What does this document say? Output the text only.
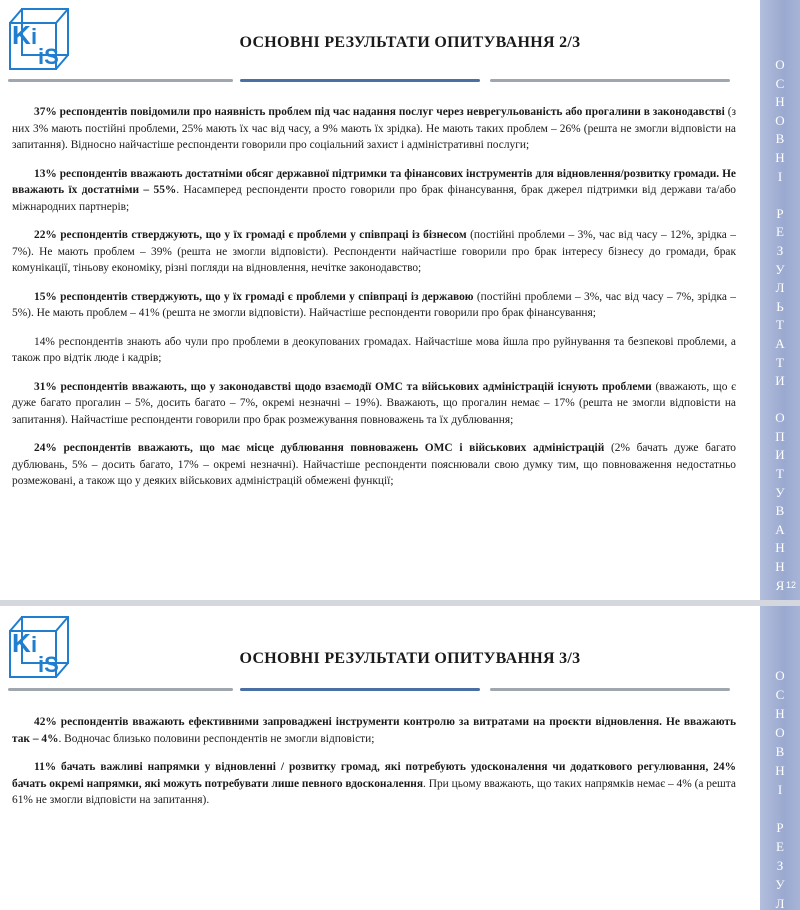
K i
iS
ОСНОВНІ РЕЗУЛЬТАТИ ОПИТУВАННЯ 2/3

37% респондентів повідомили про наявність проблем під час надання послуг через неврегульованість або прогалини в законодавстві (з них 3% мають постійні проблеми, 25% мають їх час від часу, а 9% мають їх зрідка). Не мають таких проблем – 26% (решта не змогли відповісти на запитання). Відносно найчастіше респонденти говорили про соціальний захист і адміністративні послуги;

13% респондентів вважають достатніми обсяг державної підтримки та фінансових інструментів для відновлення/розвитку громади. Не вважають їх достатніми – 55%. Насамперед респонденти просто говорили про брак фінансування, брак джерел підтримки від держави та/або міжнародних партнерів;

22% респондентів стверджують, що у їх громаді є проблеми у співпраці із бізнесом (постійні проблеми – 3%, час від часу – 12%, зрідка – 7%). Не мають проблем – 39% (решта не змогли відповісти). Респонденти найчастіше говорили про брак інтересу бізнесу до громади, брак комунікації, тіньову економіку, різні погляди на відновлення, нечітке законодавство;

15% респондентів стверджують, що у їх громаді є проблеми у співпраці із державою (постійні проблеми – 3%, час від часу – 7%, зрідка – 5%). Не мають проблем – 41% (решта не змогли відповісти). Найчастіше респонденти говорили про брак фінансування;

14% респондентів знають або чули про проблеми в деокупованих громадах. Найчастіше мова йшла про руйнування та безпекові проблеми, а також про відтік люде і кадрів;

31% респондентів вважають, що у законодавстві щодо взаємодії ОМС та військових адміністрацій існують проблеми (вважають, що є дуже багато прогалин – 5%, досить багато – 7%, окремі незначні – 19%). Вважають, що прогалин немає – 17% (решта не змогли відповісти на запитання). Найчастіше респонденти говорили про брак розмежування повноважень та їх дублювання;

24% респондентів вважають, що має місце дублювання повноважень ОМС і військових адміністрацій (2% бачать дуже багато дублювань, 5% – досить багато, 17% – окремі незначні). Найчастіше респонденти пояснювали свою думку тим, що повноваження недостатньо розмежовані, а також що у деяких військових адміністрацій обмежені функції;

О
С
Н
О
В
Н
І

Р
Е
З
У
Л
Ь
Т
А
Т
И

О
П
И
Т
У
В
А
Н
Н
Я 12
K i
iS	ОСНОВНІ РЕЗУЛЬТАТИ ОПИТУВАННЯ 3/3

42% респондентів вважають ефективними запроваджені інструменти контролю за витратами на проєкти відновлення. Не вважають так – 4%. Водночас близько половини респондентів не змогли відповісти;

11% бачать важливі напрямки у відновленні / розвитку громад, які потребують удосконалення чи додаткового регулювання, 24% бачать окремі напрямки, які можуть потребувати лише певного вдосконалення. При цьому вважають, що таких напрямків немає – 4% (а решта 61% не змогли відповісти на запитання).

О
С
Н
О
В
Н
І

Р
Е
З
У
Л
